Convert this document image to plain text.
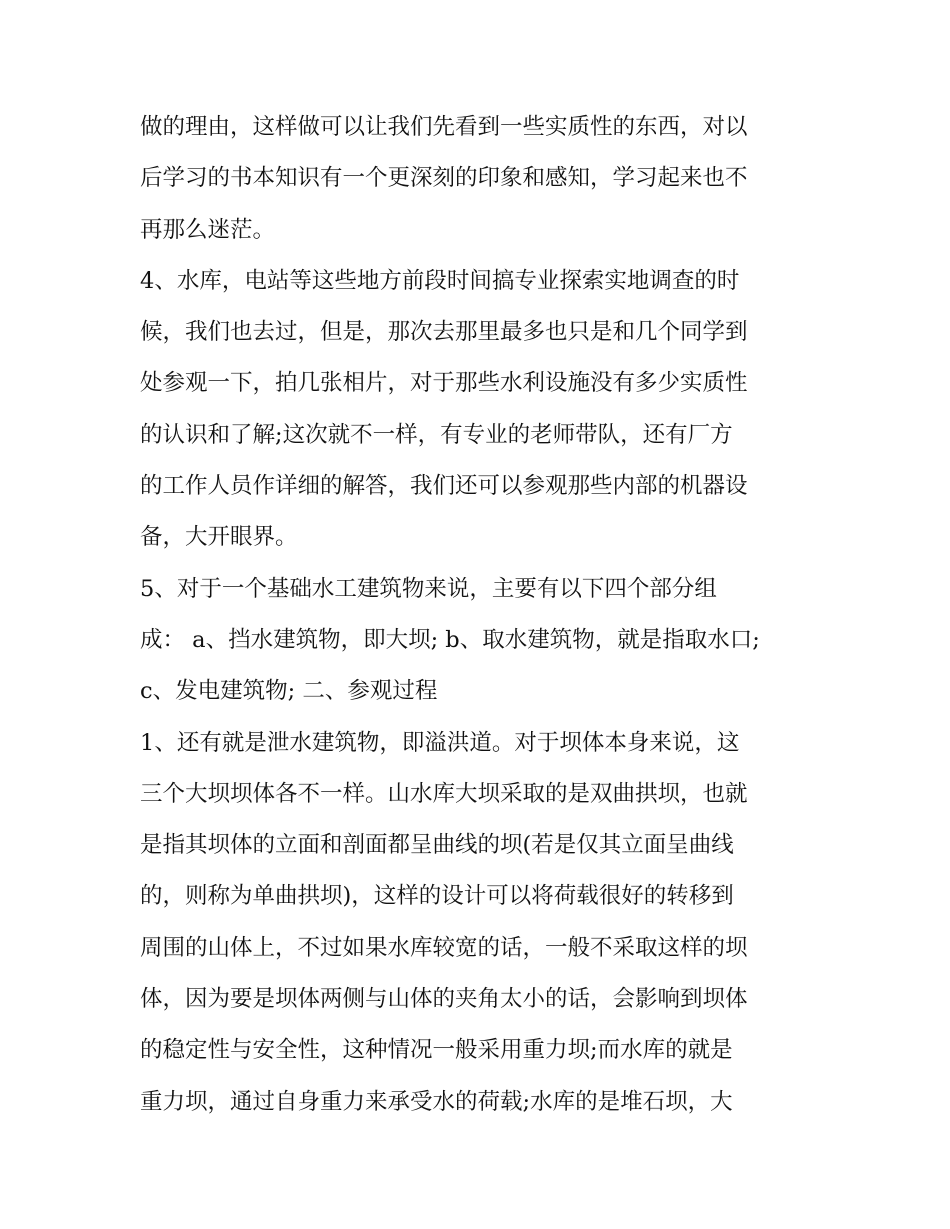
做的理由，这样做可以让我们先看到一些实质性的东西，对以
后学习的书本知识有一个更深刻的印象和感知，学习起来也不
再那么迷茫。
4、水库，电站等这些地方前段时间搞专业探索实地调查的时
候，我们也去过，但是，那次去那里最多也只是和几个同学到
处参观一下，拍几张相片，对于那些水利设施没有多少实质性
的认识和了解;这次就不一样，有专业的老师带队，还有厂方
的工作人员作详细的解答，我们还可以参观那些内部的机器设
备，大开眼界。
5、对于一个基础水工建筑物来说，主要有以下四个部分组
成： a、挡水建筑物，即大坝; b、取水建筑物，就是指取水口;
c、发电建筑物; 二、参观过程
1、还有就是泄水建筑物，即溢洪道。对于坝体本身来说，这
三个大坝坝体各不一样。山水库大坝采取的是双曲拱坝，也就
是指其坝体的立面和剖面都呈曲线的坝(若是仅其立面呈曲线
的，则称为单曲拱坝)，这样的设计可以将荷载很好的转移到
周围的山体上，不过如果水库较宽的话，一般不采取这样的坝
体，因为要是坝体两侧与山体的夹角太小的话，会影响到坝体
的稳定性与安全性，这种情况一般采用重力坝;而水库的就是
重力坝，通过自身重力来承受水的荷载;水库的是堆石坝，大
